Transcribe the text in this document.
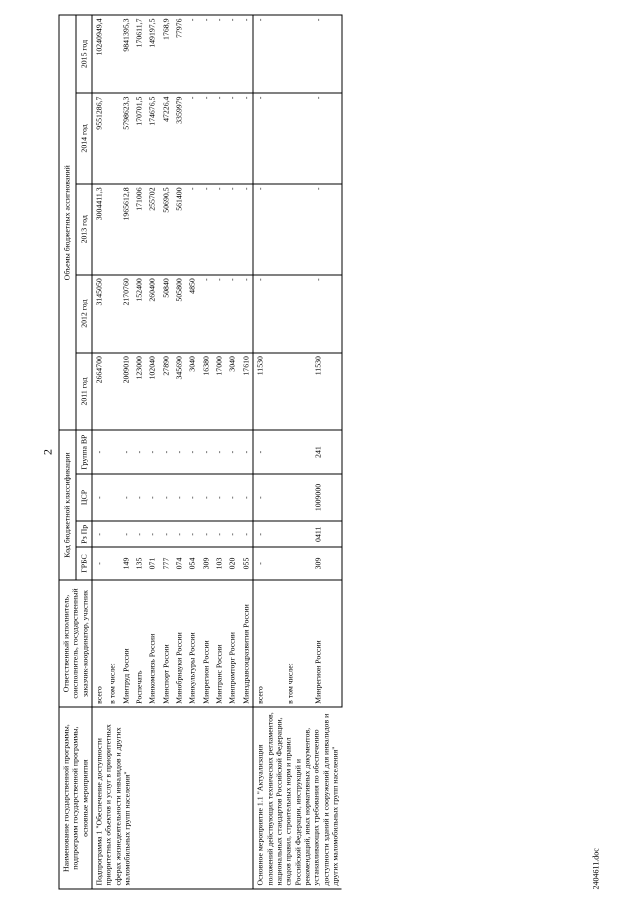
2
Наименование государственной программы, подпрограмм государственной программы, основные мероприятия	Ответственный исполнитель, соисполнитель, государственный заказчик-координатор, участник	Код бюджетной классификации				Объемы бюджетных ассигнований				
		ГРБС	Рз Пр	ЦСР	Группа ВР	2011 год	2012 год	2013 год	2014 год	2015 год
Подпрограмма 1 "Обеспечение доступности приоритетных объектов и услуг в приоритетных сферах жизнедеятельности инвалидов и других маломобильных групп населения"	всего	-	-	-	-	2664700	3145050	3004411,3	9551286,7	10240949,4
	в том числе:									
	Минтруд России	149	-	-	-	2009010	2170760	1965612,8	5798623,3	9841395,3
	Роспечать	135	-	-	-	123000	152400	171006	170701,5	170611,7
	Минкомсвязь России	071	-	-	-	102040	260400	255702	174676,5	149197,5
	Минспорт России	777	-	-	-	27890	50840	50690,5	47226,4	1768,9
	Минобрнауки России	074	-	-	-	345690	505800	561400	3359979	77976
	Минкультуры России	054	-	-	-	3040	4850	-	-	-
	Минрегион России	309	-	-	-	16380	-	-	-	-
	Минтранс России	103	-	-	-	17000	-	-	-	-
	Минпромторг России	020	-	-	-	3040	-	-	-	-
	Минздравсоцразвития России	055	-	-	-	17610	-	-	-	-
Основное мероприятие 1.1 "Актуализация положений действующих технических регламентов, национальных стандартов Российской Федерации, сводов правил, строительных норм и правил Российской Федерации, инструкций и рекомендаций, иных нормативных документов, устанавливающих требования по обеспечению доступности зданий и сооружений для инвалидов и других маломобильных групп населения"	всего	-	-	-	-	11530	-	-	-	-
	в том числе:									
	Минрегион России	309	0411	1009000	241	11530	-	-	-	-
2404611.doc
